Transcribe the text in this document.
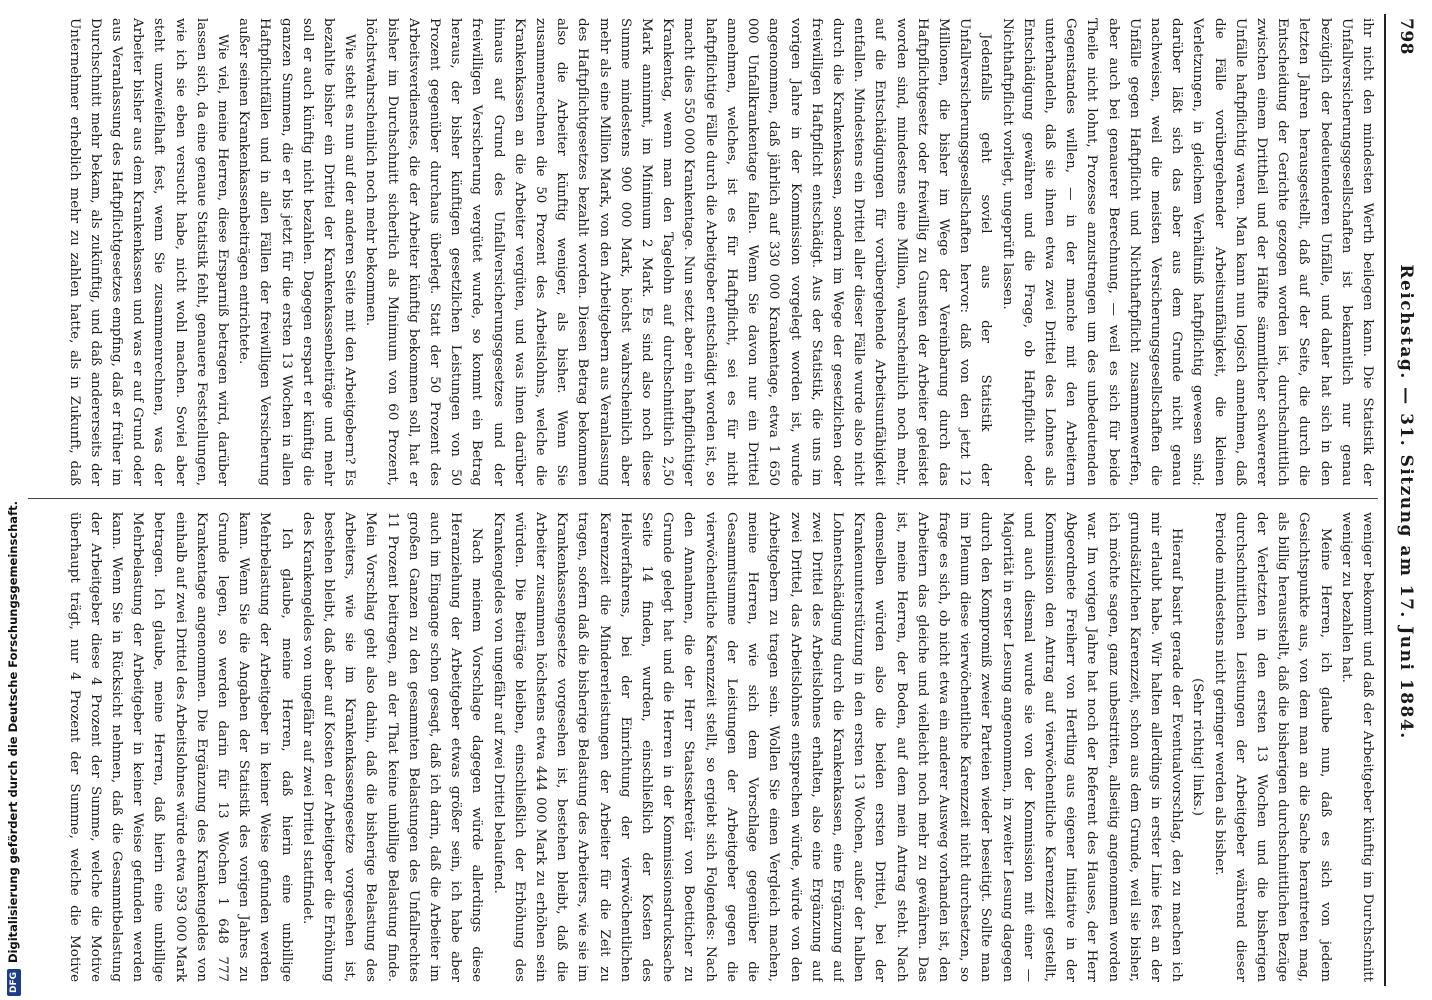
798
Reichstag. — 31. Sitzung am 17. Juni 1884.

ihr nicht den mindesten Werth beilegen kann. Die Statistik der Unfallversicherungsgesellschaften ist bekanntlich nur genau bezüglich der bedeutenderen Unfälle, und daher hat sich in den letzten Jahren herausgestellt, daß auf der Seite, die durch die Entscheidung der Gerichte gezogen worden ist, durchschnittlich zwischen einem Drittheil und der Hälfte sämmtlicher schwererer Unfälle haftpflichtig waren. Man kann nun logisch annehmen, daß die Fälle vorübergehender Arbeitsunfähigkeit, die kleinen Verletzungen, in gleichem Verhältniß haftpflichtig gewesen sind; darüber läßt sich das aber aus dem Grunde nicht genau nachweisen, weil die meisten Versicherungsgesellschaften die Unfälle gegen Haftpflicht und Nichthaftpflicht zusammenwerfen, aber auch bei genauerer Berechnung, — weil es sich für beide Theile nicht lohnt, Prozesse anzustrengen um des unbedeutenden Gegenstandes willen, — in der manche mit den Arbeitern unterhandeln, daß sie ihnen etwa zwei Drittel des Lohnes als Entschädigung gewähren und die Frage, ob Haftpflicht oder Nichthaftpflicht vorliegt, ungeprüft lassen.

Jedenfalls geht soviel aus der Statistik der Unfallversicherungsgesellschaften hervor: daß von den jetzt 12 Millionen, die bisher im Wege der Vereinbarung durch das Haftpflichtgesetz oder freiwillig zu Gunsten der Arbeiter geleistet worden sind, mindestens eine Million, wahrscheinlich noch mehr, auf die Entschädigungen für vorübergehende Arbeitsunfähigkeit entfallen. Mindestens ein Drittel aller dieser Fälle wurde also nicht durch die Krankenkassen, sondern im Wege der gesetzlichen oder freiwilligen Haftpflicht entschädigt. Aus der Statistik, die uns im vorigen Jahre in der Kommission vorgelegt worden ist, wurde angenommen, daß jährlich auf 330 000 Krankentage, etwa 1 650 000 Unfallkrankentage fallen. Wenn Sie davon nur ein Drittel annehmen, welches, ist es für Haftpflicht, sei es für nicht haftpflichtige Fälle durch die Arbeitgeber entschädigt worden ist, so macht dies 550 000 Krankentage. Nun setzt aber ein haftpflichtiger Krankentag, wenn man den Tagelohn auf durchschnittlich 2,50 Mark annimmt, im Minimum 2 Mark. Es sind also noch diese Summe mindestens 900 000 Mark, höchst wahrscheinlich aber mehr als eine Million Mark, von den Arbeitgebern aus Veranlassung des Haftpflichtgesetzes bezahlt worden. Diesen Betrag bekommen also die Arbeiter künftig weniger, als bisher. Wenn Sie zusammenrechnen die 50 Prozent des Arbeitslohns, welche die Krankenkassen an die Arbeiter vergüten, und was ihnen darüber hinaus auf Grund des Unfallversicherungsgesetzes und der freiwilligen Versicherung vergütet wurde, so kommt ein Betrag heraus, der bisher künftigen gesetzlichen Leistungen von 50 Prozent gegenüber durchaus überlegt. Statt der 50 Prozent des Arbeitsverdienstes, die der Arbeiter künftig bekommen soll, hat er bisher im Durchschnitt sicherlich als Minimum von 60 Prozent, höchstwahrscheinlich noch mehr bekommen.

Wie steht es nun auf der anderen Seite mit den Arbeitgebern? Es bezahlte bisher ein Drittel der Krankenkassenbeiträge und mehr soll er auch künftig nicht bezahlen. Dagegen erspart er künftig die ganzen Summen, die er bis jetzt für die ersten 13 Wochen in allen Haftpflichtfällen und in allen Fällen der freiwilligen Versicherung außer seinen Krankenkassenbeiträgen entrichtete.

Wie viel, meine Herren, diese Ersparniß betragen wird, darüber lassen sich, da eine genaue Statistik fehlt, genauere Feststellungen, wie ich sie eben versucht habe, nicht wohl machen. Soviel aber steht unzweifelhaft fest, wenn Sie zusammenrechnen, was der Arbeiter bisher aus dem Krankenkassen und was er auf Grund oder aus Veranlassung des Haftpflichtgesetzes empfing, daß er früher im Durchschnitt mehr bekam, als zukünftig, und daß andererseits der Unternehmer erheblich mehr zu zahlen hatte, als in Zukunft, daß

weniger bekommt und daß der Arbeitgeber künftig im Durchschnitt weniger zu bezahlen hat.

Meine Herren, ich glaube nun, daß es sich von jedem Gesichtspunkte aus, von dem man an die Sache herantreten mag, als billig herausstellt, daß die bisherigen durchschnittlichen Bezüge der Verletzten in den ersten 13 Wochen und die bisherigen durchschnittlichen Leistungen der Arbeitgeber während dieser Periode mindestens nicht geringer werden als bisher.

(Sehr richtig! links.)

Hierauf basirt gerade der Eventualvorschlag, den zu machen ich mir erlaubt habe. Wir halten allerdings in erster Linie fest an der grundsätzlichen Karenzzeit, schon aus dem Grunde, weil sie bisher, ich möchte sagen, ganz unbestritten, allseitig angenommen worden war. Im vorigen Jahre hat noch der Referent des Hauses, der Herr Abgeordnete Freiherr von Hertling aus eigener Initiative in der Kommission den Antrag auf vierwöchentliche Karenzzeit gestellt, und auch diesmal wurde sie von der Kommission mit einer — Majorität in erster Lesung angenommen, in zweiter Lesung dagegen durch den Kompromiß zweier Parteien wieder beseitigt. Sollte man im Plenum diese vierwöchentliche Karenzzeit nicht durchsetzen, so frage es sich, ob nicht etwa ein anderer Ausweg vorhanden ist, den Arbeitern das gleiche und vielleicht noch mehr zu gewähren. Das ist, meine Herren, der Boden, auf dem mein Antrag steht. Nach demselben würden also die beiden ersten Drittel, bei der Krankenunterstützung in den ersten 13 Wochen, außer der halben Lohnentschädigung durch die Krankenkassen, eine Ergänzung auf zwei Drittel des Arbeitslohnes erhalten, also eine Ergänzung auf zwei Drittel, das Arbeitslohnes entsprechen würde, würde von den Arbeitgebern zu tragen sein. Wollen Sie einen Vergleich machen, meine Herren, wie sich dem Vorschlage gegenüber die Gesammtsumme der Leistungen der Arbeitgeber gegen die vierwöchentliche Karenzzeit stellt, so ergiebt sich Folgendes: Nach den Annahmen, die der Herr Staatssekretär von Boetticher zu Grunde gelegt hat und die Herren in der Kommissionsdrucksache Seite 14 finden, wurden, einschließlich der Kosten des Heilverfahrens, bei der Einrichtung der vierwöchentlichen Karenzzeit die Mindererleistungen der Arbeiter für die Zeit zu tragen, sofern daß die bisherige Belastung des Arbeiters, wie sie im Krankenkassengesetze vorgesehen ist, bestehen bleibt, daß die Arbeiter zusammen höchstens etwa 444 000 Mark zu erhöhen sein würden. Die Beiträge bleiben, einschließlich der Erhöhung des Krankengeldes von ungefähr auf zwei Drittel belaufend.

Nach meinem Vorschlage dagegen würde allerdings diese Heranziehung der Arbeitgeber etwas größer sein, ich habe aber auch im Eingange schon gesagt, daß ich darin, daß die Arbeiter im großen Ganzen zu den gesammten Belastungen des Unfallrechtes 11 Prozent beitragen, an der That keine unbillige Belastung finde. Mein Vorschlag geht also dahin, daß die bisherige Belastung des Arbeiters, wie sie im Krankenkassengesetze vorgesehen ist, bestehen bleibt, daß aber auf Kosten der Arbeitgeber die Erhöhung des Krankengeldes von ungefähr auf zwei Drittel stattfindet.

Ich glaube, meine Herren, daß hierin eine unbillige Mehrbelastung der Arbeitgeber in keiner Weise gefunden werden kann. Wenn Sie die Angaben der Statistik des vorigen Jahres zu Grunde legen, so werden darin für 13 Wochen 1 648 777 Krankentage angenommen. Die Ergänzung des Krankengeldes von einhalb auf zwei Drittel des Arbeitslohnes würde etwa 593 000 Mark betragen. Ich glaube, meine Herren, daß hierin eine unbillige Mehrbelastung der Arbeitgeber in keiner Weise gefunden werden kann. Wenn Sie in Rücksicht nehmen, daß die Gesammtbelastung der Arbeitgeber diese 4 Prozent der Summe, welche die Motive überhaupt trägt, nur 4 Prozent der Summe, welche die Motive

DFGDigitalisierung gefördert durch die Deutsche Forschungsgemeinschaft.
